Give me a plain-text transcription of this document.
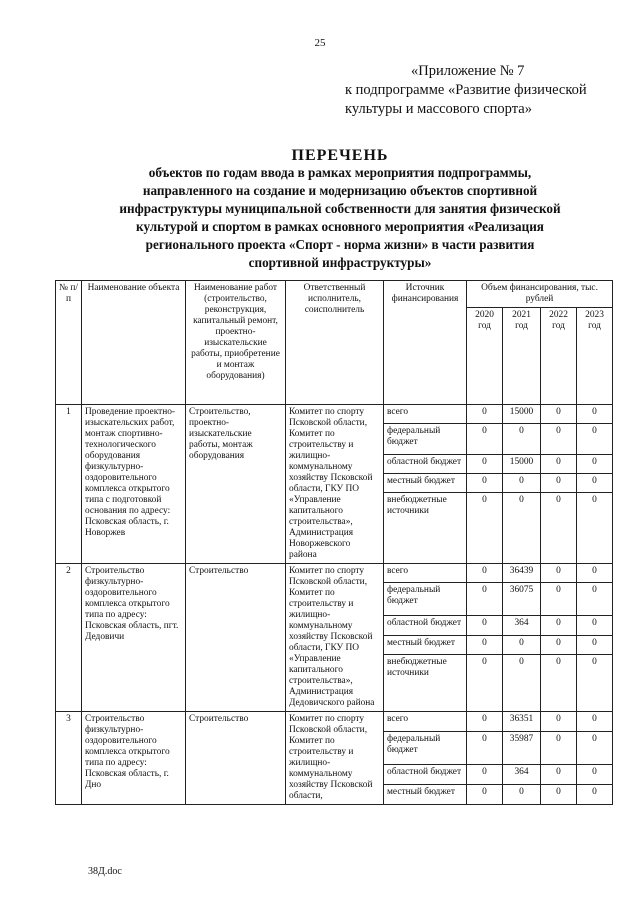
25
«Приложение № 7
к подпрограмме «Развитие физической
культуры и массового спорта»
ПЕРЕЧЕНЬ
объектов по годам ввода в рамках мероприятия подпрограммы,
направленного на создание и модернизацию объектов спортивной
инфраструктуры муниципальной собственности для занятия физической
культурой и спортом в рамках основного мероприятия «Реализация
регионального проекта «Спорт - норма жизни» в части развития
спортивной инфраструктуры»
№ п/п	Наименование объекта	Наименование работ (строительство, реконструкция, капитальный ремонт, проектно-изыскательские работы, приобретение и монтаж оборудования)	Ответственный исполнитель, соисполнитель	Источник финансирования	Объем финансирования, тыс. рублей			
					2020 год	2021 год	2022 год	2023 год
1	Проведение проектно-изыскательских работ, монтаж спортивно-технологического оборудования физкультурно-оздоровительного комплекса открытого типа с подготовкой основания по адресу: Псковская область, г. Новоржев	Строительство, проектно-изыскательские работы, монтаж оборудования	Комитет по спорту Псковской области, Комитет по строительству и жилищно-коммунальному хозяйству Псковской области, ГКУ ПО «Управление капитального строительства», Администрация Новоржевского района	всего	0	15000	0	0
				федеральный бюджет	0	0	0	0
				областной бюджет	0	15000	0	0
				местный бюджет	0	0	0	0
				внебюджетные источники	0	0	0	0
2	Строительство физкультурно-оздоровительного комплекса открытого типа по адресу: Псковская область, пгт. Дедовичи	Строительство	Комитет по спорту Псковской области, Комитет по строительству и жилищно-коммунальному хозяйству Псковской области, ГКУ ПО «Управление капитального строительства», Администрация Дедовичского района	всего	0	36439	0	0
				федеральный бюджет	0	36075	0	0
				областной бюджет	0	364	0	0
				местный бюджет	0	0	0	0
				внебюджетные источники	0	0	0	0
3	Строительство физкультурно-оздоровительного комплекса открытого типа по адресу: Псковская область, г. Дно	Строительство	Комитет по спорту Псковской области, Комитет по строительству и жилищно-коммунальному хозяйству Псковской области,	всего	0	36351	0	0
				федеральный бюджет	0	35987	0	0
				областной бюджет	0	364	0	0
				местный бюджет	0	0	0	0
38Д.doc
